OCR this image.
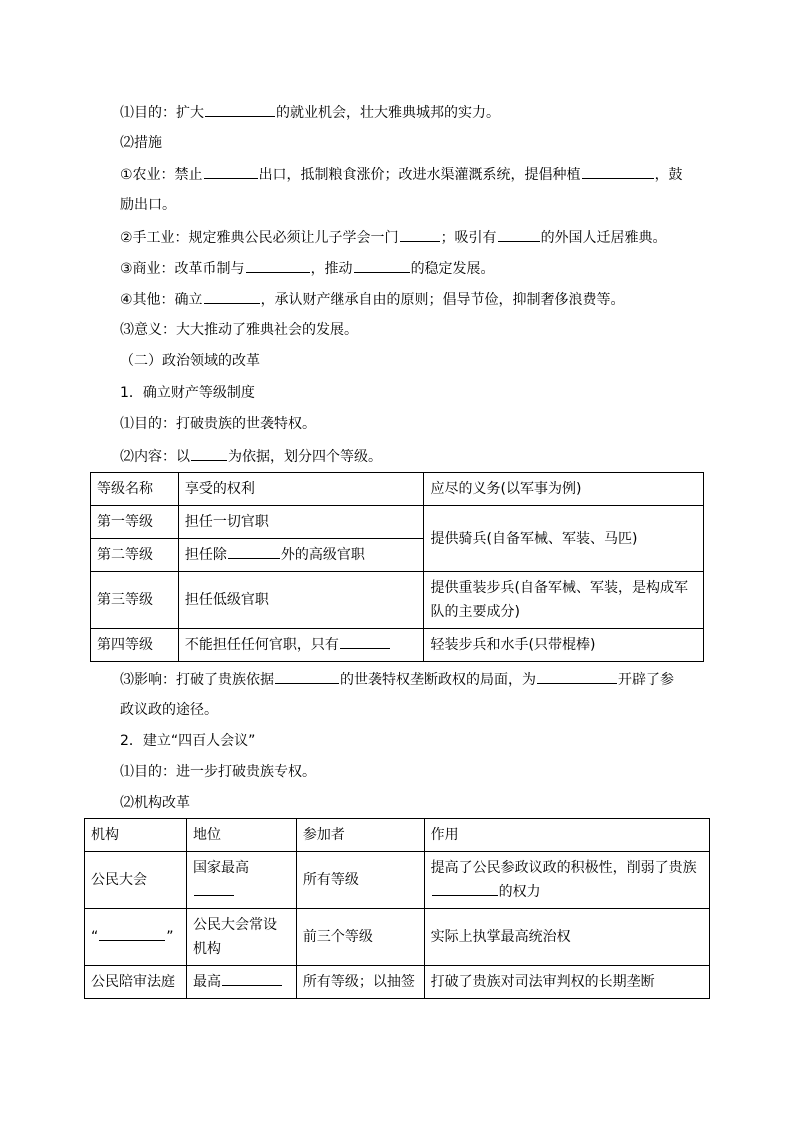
⑴目的：扩大	的就业机会，壮大雅典城邦的实力。
⑵措施
①农业：禁止	出口，抵制粮食涨价；改进水渠灌溉系统，提倡种植	，鼓
励出口。
②手工业：规定雅典公民必须让儿子学会一门	；吸引有	的外国人迁居雅典。
③商业：改革币制与	，推动	的稳定发展。
④其他：确立	，承认财产继承自由的原则；倡导节俭，抑制奢侈浪费等。
⑶意义：大大推动了雅典社会的发展。
（二）政治领域的改革
1．确立财产等级制度
⑴目的：打破贵族的世袭特权。
⑵内容：以	为依据，划分四个等级。
等级名称	享受的权利	应尽的义务(以军事为例)
第一等级	担任一切官职	提供骑兵(自备军械、军装、马匹)
第二等级	担任除 外的高级官职	
第三等级	担任低级官职	提供重装步兵(自备军械、军装，是构成军队的主要成分)
第四等级	不能担任任何官职，只有	轻装步兵和水手(只带棍棒)
⑶影响：打破了贵族依据	的世袭特权垄断政权的局面，为	开辟了参
政议政的途径。
2．建立“四百人会议”
⑴目的：进一步打破贵族专权。
⑵机构改革
机构	地位	参加者	作用
公民大会	国家最高	所有等级	提高了公民参政议政的积极性，削弱了贵族
的权力
“ ”	公民大会常设机构	前三个等级	实际上执掌最高统治权
公民陪审法庭	最高	所有等级；以抽签	打破了贵族对司法审判权的长期垄断
